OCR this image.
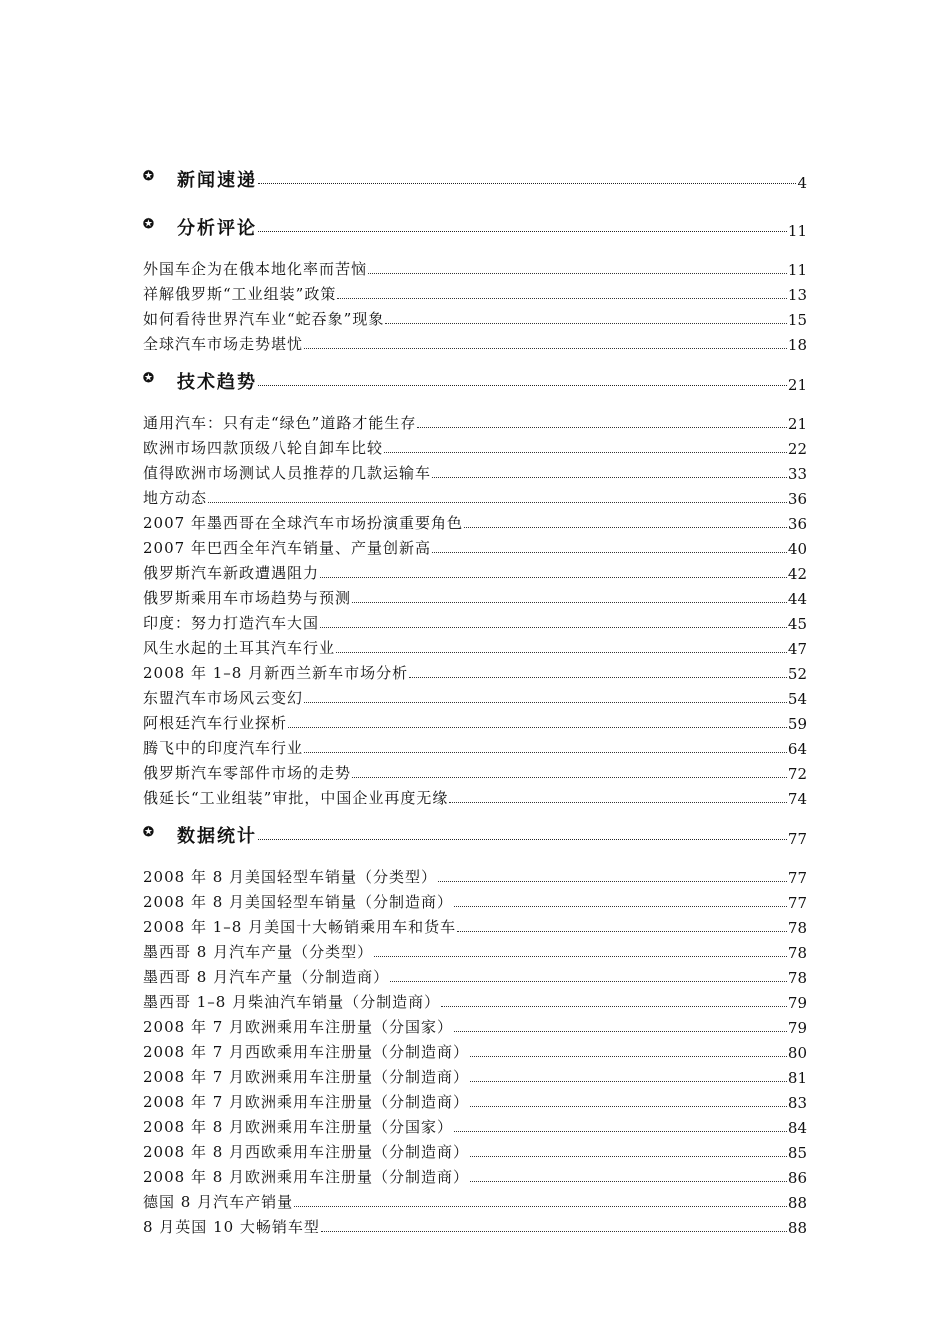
✪	新闻速递	4
✪	分析评论	11
外国车企为在俄本地化率而苦恼	11
祥解俄罗斯“工业组装”政策	13
如何看待世界汽车业“蛇吞象”现象	15
全球汽车市场走势堪忧	18
✪	技术趋势	21
通用汽车：只有走“绿色”道路才能生存	21
欧洲市场四款顶级八轮自卸车比较	22
值得欧洲市场测试人员推荐的几款运输车	33
地方动态	36
2007 年墨西哥在全球汽车市场扮演重要角色	36
2007 年巴西全年汽车销量、产量创新高	40
俄罗斯汽车新政遭遇阻力	42
俄罗斯乘用车市场趋势与预测	44
印度：努力打造汽车大国	45
风生水起的土耳其汽车行业	47
2008 年 1–8 月新西兰新车市场分析	52
东盟汽车市场风云变幻	54
阿根廷汽车行业探析	59
腾飞中的印度汽车行业	64
俄罗斯汽车零部件市场的走势	72
俄延长“工业组装”审批，中国企业再度无缘	74
✪	数据统计	77
2008 年 8 月美国轻型车销量（分类型）	77
2008 年 8 月美国轻型车销量（分制造商）	77
2008 年 1–8 月美国十大畅销乘用车和货车	78
墨西哥 8 月汽车产量（分类型）	78
墨西哥 8 月汽车产量（分制造商）	78
墨西哥 1–8 月柴油汽车销量（分制造商）	79
2008 年 7 月欧洲乘用车注册量（分国家）	79
2008 年 7 月西欧乘用车注册量（分制造商）	80
2008 年 7 月欧洲乘用车注册量（分制造商）	81
2008 年 7 月欧洲乘用车注册量（分制造商）	83
2008 年 8 月欧洲乘用车注册量（分国家）	84
2008 年 8 月西欧乘用车注册量（分制造商）	85
2008 年 8 月欧洲乘用车注册量（分制造商）	86
德国 8 月汽车产销量	88
8 月英国 10 大畅销车型	88
